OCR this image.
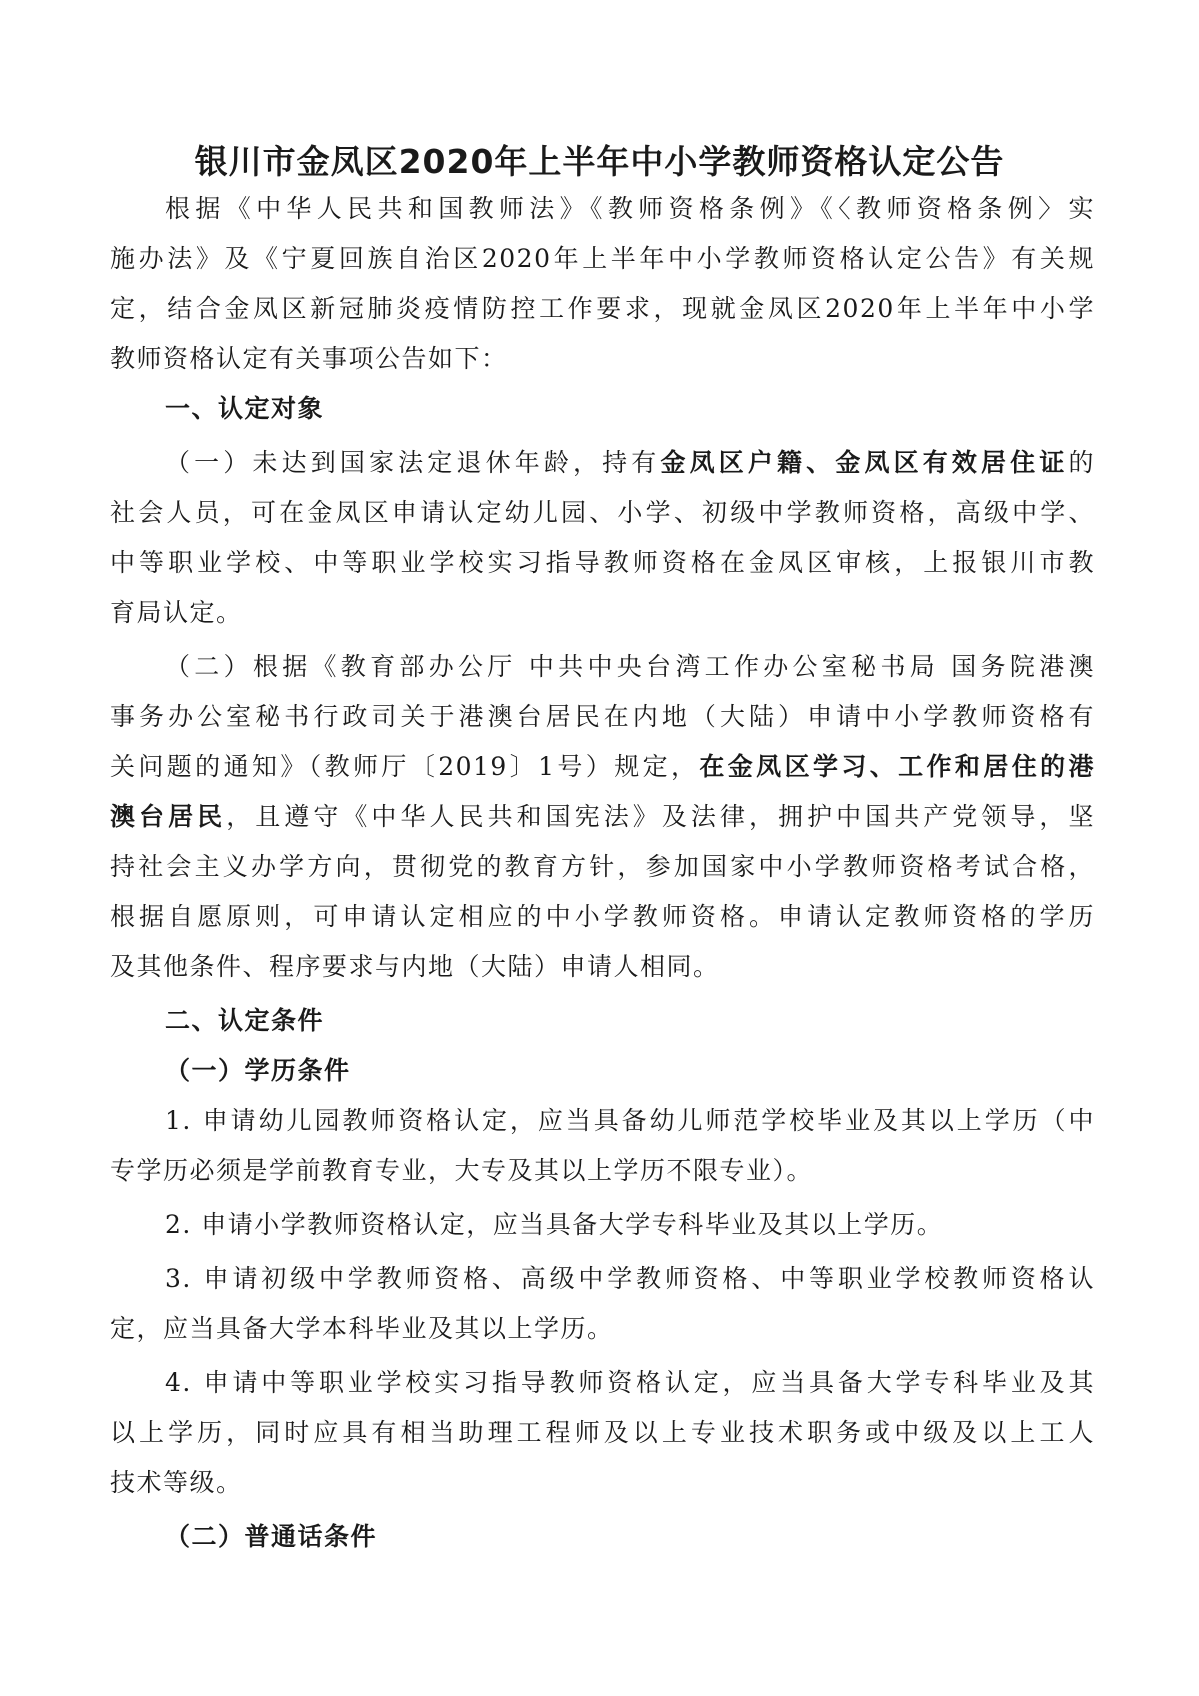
银川市金凤区2020年上半年中小学教师资格认定公告
根据《中华人民共和国教师法》《教师资格条例》《〈教师资格条例〉实
施办法》及《宁夏回族自治区2020年上半年中小学教师资格认定公告》有关规
定，结合金凤区新冠肺炎疫情防控工作要求，现就金凤区2020年上半年中小学
教师资格认定有关事项公告如下：
一、认定对象
（一）未达到国家法定退休年龄，持有金凤区户籍、金凤区有效居住证的
社会人员，可在金凤区申请认定幼儿园、小学、初级中学教师资格，高级中学、
中等职业学校、中等职业学校实习指导教师资格在金凤区审核，上报银川市教
育局认定。
（二）根据《教育部办公厅 中共中央台湾工作办公室秘书局 国务院港澳
事务办公室秘书行政司关于港澳台居民在内地（大陆）申请中小学教师资格有
关问题的通知》（教师厅〔2019〕1号）规定，在金凤区学习、工作和居住的港
澳台居民，且遵守《中华人民共和国宪法》及法律，拥护中国共产党领导，坚
持社会主义办学方向，贯彻党的教育方针，参加国家中小学教师资格考试合格，
根据自愿原则，可申请认定相应的中小学教师资格。申请认定教师资格的学历
及其他条件、程序要求与内地（大陆）申请人相同。
二、认定条件
（一）学历条件
1. 申请幼儿园教师资格认定，应当具备幼儿师范学校毕业及其以上学历（中
专学历必须是学前教育专业，大专及其以上学历不限专业）。
2. 申请小学教师资格认定，应当具备大学专科毕业及其以上学历。
3. 申请初级中学教师资格、高级中学教师资格、中等职业学校教师资格认
定，应当具备大学本科毕业及其以上学历。
4. 申请中等职业学校实习指导教师资格认定，应当具备大学专科毕业及其
以上学历，同时应具有相当助理工程师及以上专业技术职务或中级及以上工人
技术等级。
（二）普通话条件
